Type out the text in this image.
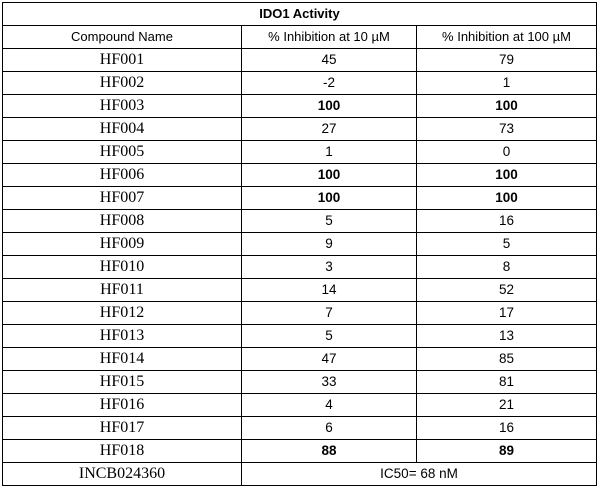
IDO1 Activity		
Compound Name	% Inhibition at 10 µM	% Inhibition at 100 µM
HF001	45	79
HF002	-2	1
HF003	100	100
HF004	27	73
HF005	1	0
HF006	100	100
HF007	100	100
HF008	5	16
HF009	9	5
HF010	3	8
HF011	14	52
HF012	7	17
HF013	5	13
HF014	47	85
HF015	33	81
HF016	4	21
HF017	6	16
HF018	88	89
INCB024360	IC50= 68 nM	
